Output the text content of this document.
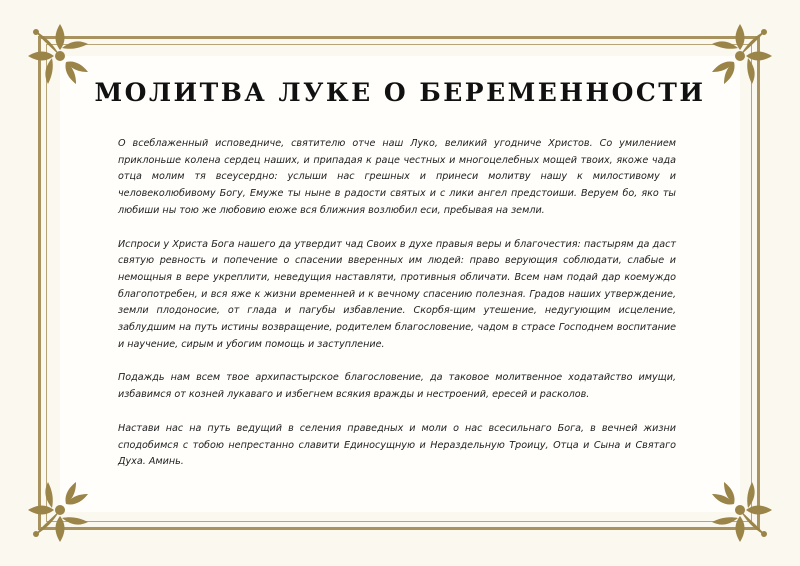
МОЛИТВА ЛУКЕ О БЕРЕМЕННОСТИ

О всеблаженный исповедниче, святителю отче наш Луко, великий угодниче Христов. Со умилением приклоньше колена сердец наших, и припадая к раце честных и многоцелебных мощей твоих, якоже чада отца молим тя всеусердно: услыши нас грешных и принеси молитву нашу к милостивому и человеколюбивому Богу, Емуже ты ныне в радости святых и с лики ангел предстоиши. Веруем бо, яко ты любиши ны тою же любовию еюже вся ближния возлюбил еси, пребывая на земли.

Испроси у Христа Бога нашего да утвердит чад Своих в духе правыя веры и благочестия: пастырям да даст святую ревность и попечение о спасении вверенных им людей: право верующия соблюдати, слабые и немощныя в вере укреплити, неведущия наставляти, противныя обличати. Всем нам подай дар коемуждо благопотребен, и вся яже к жизни временней и к вечному спасению полезная. Градов наших утверждение, земли плодоносие, от глада и пагубы избавление. Скорбя-щим утешение, недугующим исцеление, заблудшим на путь истины возвращение, родителем благословение, чадом в страсе Господнем воспитание и научение, сирым и убогим помощь и заступление.

Подаждь нам всем твое архипастырское благословение, да таковое молитвенное ходатайство имущи, избавимся от козней лукаваго и избегнем всякия вражды и нестроений, ересей и расколов.

Настави нас на путь ведущий в селения праведных и моли о нас всесильнаго Бога, в вечней жизни сподобимся с тобою непрестанно славити Единосущную и Нераздельную Троицу, Отца и Сына и Святаго Духа. Аминь.
